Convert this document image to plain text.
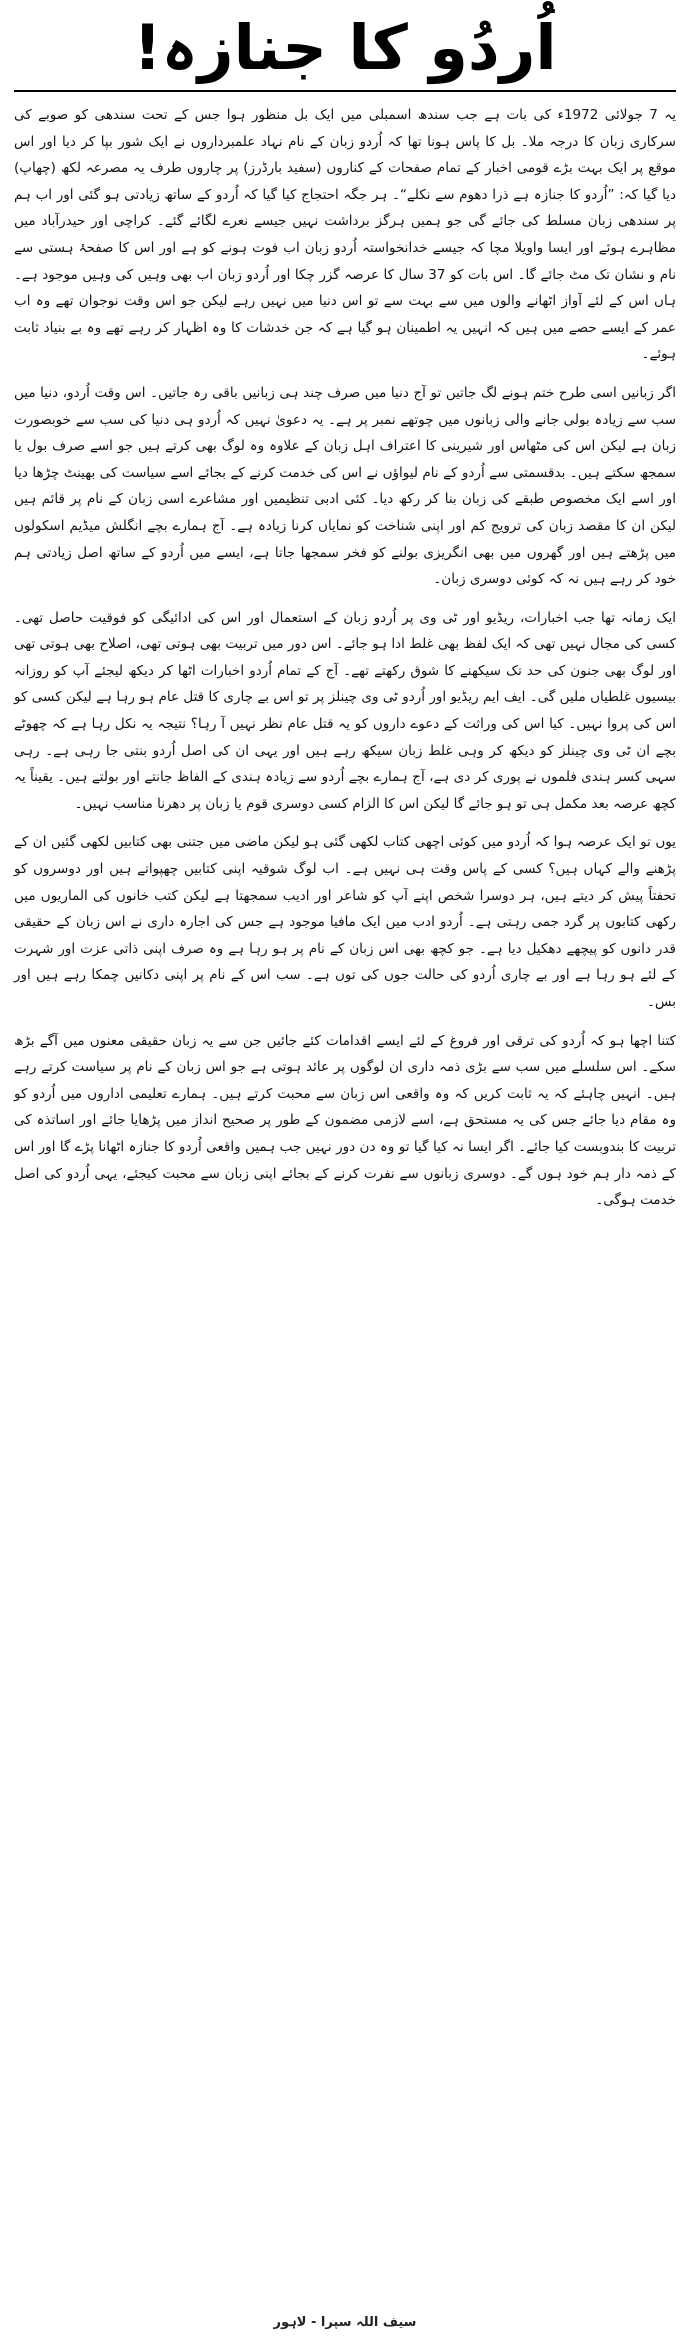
اُردُو کا جنازہ!

یہ 7 جولائی 1972ء کی بات ہے جب سندھ اسمبلی میں ایک بل منظور ہوا جس کے تحت سندھی کو صوبے کی سرکاری زبان کا درجہ ملا۔ بل کا پاس ہونا تھا کہ اُردو زبان کے نام نہاد علمبرداروں نے ایک شور بپا کر دیا اور اس موقع پر ایک بہت بڑے قومی اخبار کے تمام صفحات کے کناروں (سفید بارڈرز) پر چاروں طرف یہ مصرعہ لکھ (چھاپ) دیا گیا کہ: ”اُردو کا جنازہ ہے ذرا دھوم سے نکلے“۔ ہر جگہ احتجاج کیا گیا کہ اُردو کے ساتھ زیادتی ہو گئی اور اب ہم پر سندھی زبان مسلط کی جائے گی جو ہمیں ہرگز برداشت نہیں جیسے نعرے لگائے گئے۔ کراچی اور حیدرآباد میں مظاہرے ہوئے اور ایسا واویلا مچا کہ جیسے خدانخواستہ اُردو زبان اب فوت ہونے کو ہے اور اس کا صفحۂ ہستی سے نام و نشان تک مٹ جائے گا۔ اس بات کو 37 سال کا عرصہ گزر چکا اور اُردو زبان اب بھی وہیں کی وہیں موجود ہے۔ ہاں اس کے لئے آواز اٹھانے والوں میں سے بہت سے تو اس دنیا میں نہیں رہے لیکن جو اس وقت نوجوان تھے وہ اب عمر کے ایسے حصے میں ہیں کہ انہیں یہ اطمینان ہو گیا ہے کہ جن خدشات کا وہ اظہار کر رہے تھے وہ بے بنیاد ثابت ہوئے۔

اگر زبانیں اسی طرح ختم ہونے لگ جاتیں تو آج دنیا میں صرف چند ہی زبانیں باقی رہ جاتیں۔ اس وقت اُردو، دنیا میں سب سے زیادہ بولی جانے والی زبانوں میں چوتھے نمبر پر ہے۔ یہ دعویٰ نہیں کہ اُردو ہی دنیا کی سب سے خوبصورت زبان ہے لیکن اس کی مٹھاس اور شیرینی کا اعتراف اہل زبان کے علاوہ وہ لوگ بھی کرتے ہیں جو اسے صرف بول یا سمجھ سکتے ہیں۔ بدقسمتی سے اُردو کے نام لیواؤں نے اس کی خدمت کرنے کے بجائے اسے سیاست کی بھینٹ چڑھا دیا اور اسے ایک مخصوص طبقے کی زبان بنا کر رکھ دیا۔ کئی ادبی تنظیمیں اور مشاعرے اسی زبان کے نام پر قائم ہیں لیکن ان کا مقصد زبان کی ترویج کم اور اپنی شناخت کو نمایاں کرنا زیادہ ہے۔ آج ہمارے بچے انگلش میڈیم اسکولوں میں پڑھتے ہیں اور گھروں میں بھی انگریزی بولنے کو فخر سمجھا جاتا ہے، ایسے میں اُردو کے ساتھ اصل زیادتی ہم خود کر رہے ہیں نہ کہ کوئی دوسری زبان۔

ایک زمانہ تھا جب اخبارات، ریڈیو اور ٹی وی پر اُردو زبان کے استعمال اور اس کی ادائیگی کو فوقیت حاصل تھی۔ کسی کی مجال نہیں تھی کہ ایک لفظ بھی غلط ادا ہو جائے۔ اس دور میں تربیت بھی ہوتی تھی، اصلاح بھی ہوتی تھی اور لوگ بھی جنون کی حد تک سیکھنے کا شوق رکھتے تھے۔ آج کے تمام اُردو اخبارات اٹھا کر دیکھ لیجئے آپ کو روزانہ بیسیوں غلطیاں ملیں گی۔ ایف ایم ریڈیو اور اُردو ٹی وی چینلز پر تو اس بے چاری کا قتل عام ہو رہا ہے لیکن کسی کو اس کی پروا نہیں۔ کیا اس کی وراثت کے دعوے داروں کو یہ قتل عام نظر نہیں آ رہا؟ نتیجہ یہ نکل رہا ہے کہ چھوٹے بچے ان ٹی وی چینلز کو دیکھ کر وہی غلط زبان سیکھ رہے ہیں اور یہی ان کی اصل اُردو بنتی جا رہی ہے۔ رہی سہی کسر ہندی فلموں نے پوری کر دی ہے، آج ہمارے بچے اُردو سے زیادہ ہندی کے الفاظ جانتے اور بولتے ہیں۔ یقیناً یہ کچھ عرصہ بعد مکمل ہی تو ہو جائے گا لیکن اس کا الزام کسی دوسری قوم یا زبان پر دھرنا مناسب نہیں۔

یوں تو ایک عرصہ ہوا کہ اُردو میں کوئی اچھی کتاب لکھی گئی ہو لیکن ماضی میں جتنی بھی کتابیں لکھی گئیں ان کے پڑھنے والے کہاں ہیں؟ کسی کے پاس وقت ہی نہیں ہے۔ اب لوگ شوقیہ اپنی کتابیں چھپواتے ہیں اور دوسروں کو تحفتاً پیش کر دیتے ہیں، ہر دوسرا شخص اپنے آپ کو شاعر اور ادیب سمجھتا ہے لیکن کتب خانوں کی الماریوں میں رکھی کتابوں پر گرد جمی رہتی ہے۔ اُردو ادب میں ایک مافیا موجود ہے جس کی اجارہ داری نے اس زبان کے حقیقی قدر دانوں کو پیچھے دھکیل دیا ہے۔ جو کچھ بھی اس زبان کے نام پر ہو رہا ہے وہ صرف اپنی ذاتی عزت اور شہرت کے لئے ہو رہا ہے اور بے چاری اُردو کی حالت جوں کی توں ہے۔ سب اس کے نام پر اپنی دکانیں چمکا رہے ہیں اور بس۔

کتنا اچھا ہو کہ اُردو کی ترقی اور فروغ کے لئے ایسے اقدامات کئے جائیں جن سے یہ زبان حقیقی معنوں میں آگے بڑھ سکے۔ اس سلسلے میں سب سے بڑی ذمہ داری ان لوگوں پر عائد ہوتی ہے جو اس زبان کے نام پر سیاست کرتے رہے ہیں۔ انہیں چاہئے کہ یہ ثابت کریں کہ وہ واقعی اس زبان سے محبت کرتے ہیں۔ ہمارے تعلیمی اداروں میں اُردو کو وہ مقام دیا جائے جس کی یہ مستحق ہے، اسے لازمی مضمون کے طور پر صحیح انداز میں پڑھایا جائے اور اساتذہ کی تربیت کا بندوبست کیا جائے۔ اگر ایسا نہ کیا گیا تو وہ دن دور نہیں جب ہمیں واقعی اُردو کا جنازہ اٹھانا پڑے گا اور اس کے ذمہ دار ہم خود ہوں گے۔ دوسری زبانوں سے نفرت کرنے کے بجائے اپنی زبان سے محبت کیجئے، یہی اُردو کی اصل خدمت ہوگی۔

سیف اللہ سپرا - لاہور
